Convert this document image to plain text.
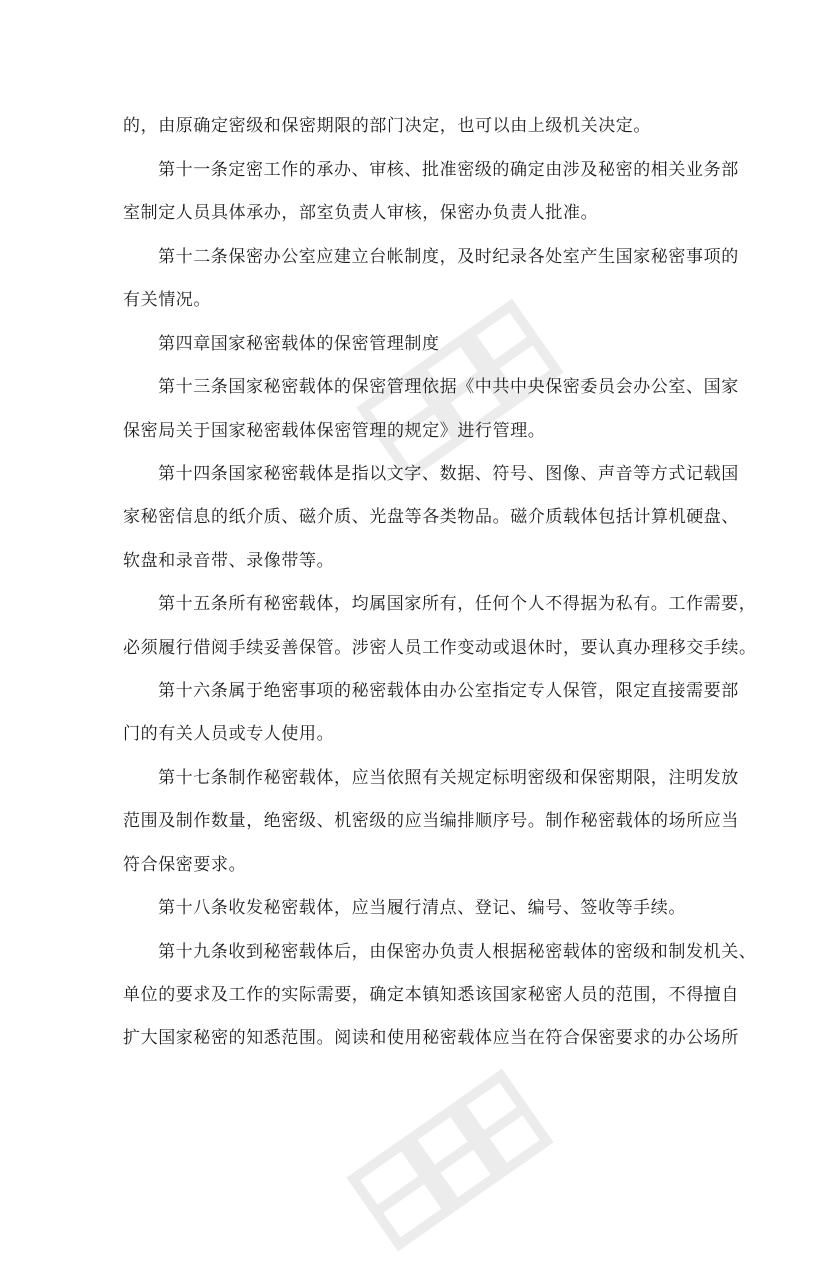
的，由原确定密级和保密期限的部门决定，也可以由上级机关决定。
第十一条定密工作的承办、审核、批准密级的确定由涉及秘密的相关业务部
室制定人员具体承办，部室负责人审核，保密办负责人批准。
第十二条保密办公室应建立台帐制度，及时纪录各处室产生国家秘密事项的
有关情况。
第四章国家秘密载体的保密管理制度
第十三条国家秘密载体的保密管理依据《中共中央保密委员会办公室、国家
保密局关于国家秘密载体保密管理的规定》进行管理。
第十四条国家秘密载体是指以文字、数据、符号、图像、声音等方式记载国
家秘密信息的纸介质、磁介质、光盘等各类物品。磁介质载体包括计算机硬盘、
软盘和录音带、录像带等。
第十五条所有秘密载体，均属国家所有，任何个人不得据为私有。工作需要，
必须履行借阅手续妥善保管。涉密人员工作变动或退休时，要认真办理移交手续。
第十六条属于绝密事项的秘密载体由办公室指定专人保管，限定直接需要部
门的有关人员或专人使用。
第十七条制作秘密载体，应当依照有关规定标明密级和保密期限，注明发放
范围及制作数量，绝密级、机密级的应当编排顺序号。制作秘密载体的场所应当
符合保密要求。
第十八条收发秘密载体，应当履行清点、登记、编号、签收等手续。
第十九条收到秘密载体后，由保密办负责人根据秘密载体的密级和制发机关、
单位的要求及工作的实际需要，确定本镇知悉该国家秘密人员的范围，不得擅自
扩大国家秘密的知悉范围。阅读和使用秘密载体应当在符合保密要求的办公场所
